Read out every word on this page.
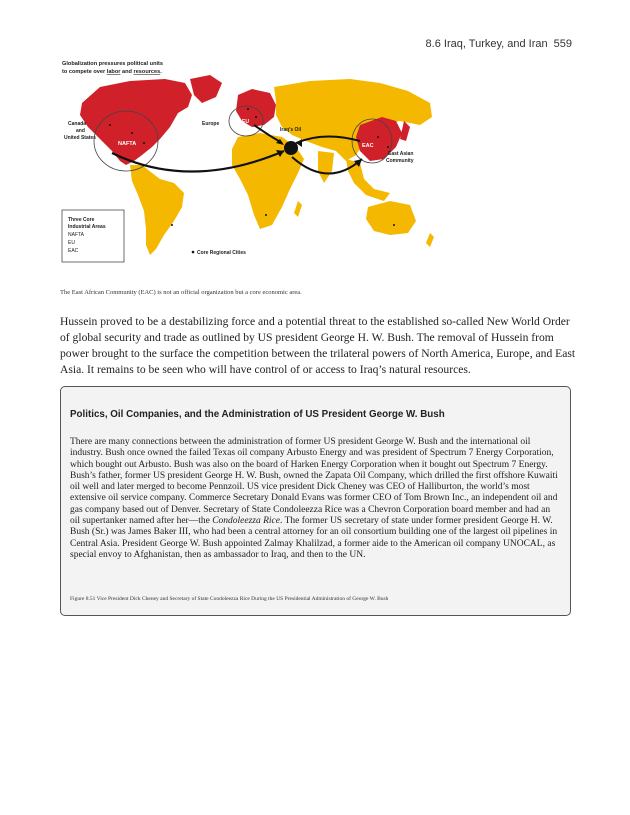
8.6 Iraq, Turkey, and Iran 559
Globalization pressures political units
to compete over labor and resources.
Canada
and
United States
NAFTA
Europe	EU
Iraq's Oil
EAC
East Asian
Community
Three Core
Industrial Areas
NAFTA
EU
EAC	Core Regional Cities
The East African Community (EAC) is not an official organization but a core economic area.

Hussein proved to be a destabilizing force and a potential threat to the established so-called New World Order of global security and trade as outlined by US president George H. W. Bush. The removal of Hussein from power brought to the surface the competition between the trilateral powers of North America, Europe, and East Asia. It remains to be seen who will have control of or access to Iraq’s natural resources.

Politics, Oil Companies, and the Administration of US President George W. Bush

There are many connections between the administration of former US president George W. Bush and the international oil industry. Bush once owned the failed Texas oil company Arbusto Energy and was president of Spectrum 7 Energy Corporation, which bought out Arbusto. Bush was also on the board of Harken Energy Corporation when it bought out Spectrum 7 Energy. Bush’s father, former US president George H. W. Bush, owned the Zapata Oil Company, which drilled the first offshore Kuwaiti oil well and later merged to become Pennzoil. US vice president Dick Cheney was CEO of Halliburton, the world’s most extensive oil service company. Commerce Secretary Donald Evans was former CEO of Tom Brown Inc., an independent oil and gas company based out of Denver. Secretary of State Condoleezza Rice was a Chevron Corporation board member and had an oil supertanker named after her—the Condoleezza Rice. The former US secretary of state under former president George H. W. Bush (Sr.) was James Baker III, who had been a central attorney for an oil consortium building one of the largest oil pipelines in Central Asia. President George W. Bush appointed Zalmay Khalilzad, a former aide to the American oil company UNOCAL, as special envoy to Afghanistan, then as ambassador to Iraq, and then to the UN.

Figure 8.51 Vice President Dick Cheney and Secretary of State Condoleezza Rice During the US Presidential Administration of George W. Bush
